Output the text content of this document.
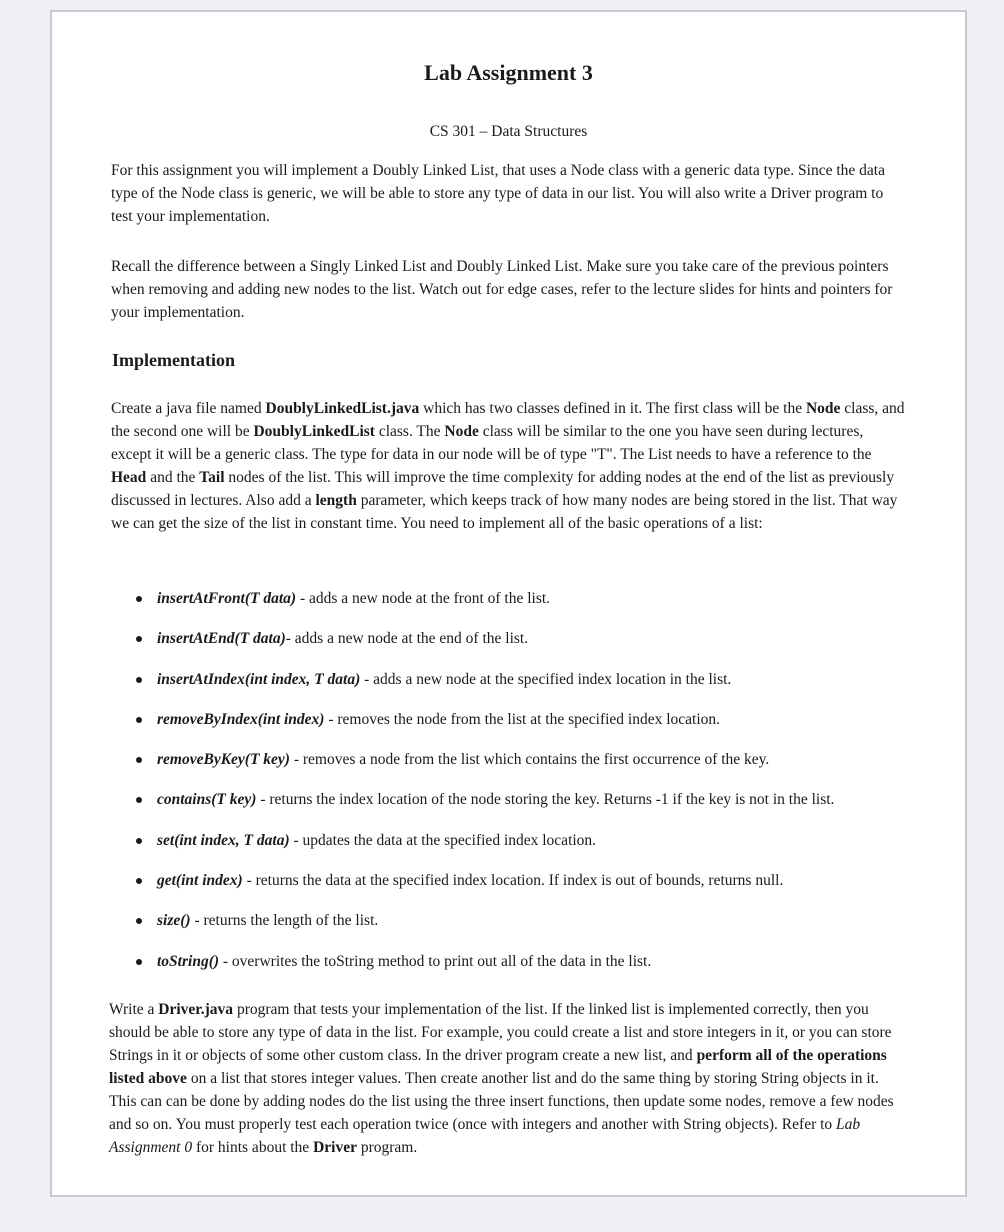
Lab Assignment 3
CS 301 – Data Structures

For this assignment you will implement a Doubly Linked List, that uses a Node class with a generic data type. Since the data type of the Node class is generic, we will be able to store any type of data in our list. You will also write a Driver program to test your implementation.

Recall the difference between a Singly Linked List and Doubly Linked List. Make sure you take care of the previous pointers when removing and adding new nodes to the list. Watch out for edge cases, refer to the lecture slides for hints and pointers for your implementation.

Implementation

Create a java file named DoublyLinkedList.java which has two classes defined in it. The first class will be the Node class, and the second one will be DoublyLinkedList class. The Node class will be similar to the one you have seen during lectures, except it will be a generic class. The type for data in our node will be of type "T". The List needs to have a reference to the Head and the Tail nodes of the list. This will improve the time complexity for adding nodes at the end of the list as previously discussed in lectures. Also add a length parameter, which keeps track of how many nodes are being stored in the list. That way we can get the size of the list in constant time. You need to implement all of the basic operations of a list:

insertAtFront(T data) - adds a new node at the front of the list.
insertAtEnd(T data)- adds a new node at the end of the list.
insertAtIndex(int index, T data) - adds a new node at the specified index location in the list.
removeByIndex(int index) - removes the node from the list at the specified index location.
removeByKey(T key) - removes a node from the list which contains the first occurrence of the key.
contains(T key) - returns the index location of the node storing the key. Returns -1 if the key is not in the list.
set(int index, T data) - updates the data at the specified index location.
get(int index) - returns the data at the specified index location. If index is out of bounds, returns null.
size() - returns the length of the list.
toString() - overwrites the toString method to print out all of the data in the list.

Write a Driver.java program that tests your implementation of the list. If the linked list is implemented correctly, then you should be able to store any type of data in the list. For example, you could create a list and store integers in it, or you can store Strings in it or objects of some other custom class. In the driver program create a new list, and perform all of the operations listed above on a list that stores integer values. Then create another list and do the same thing by storing String objects in it. This can can be done by adding nodes do the list using the three insert functions, then update some nodes, remove a few nodes and so on. You must properly test each operation twice (once with integers and another with String objects). Refer to Lab Assignment 0 for hints about the Driver program.
